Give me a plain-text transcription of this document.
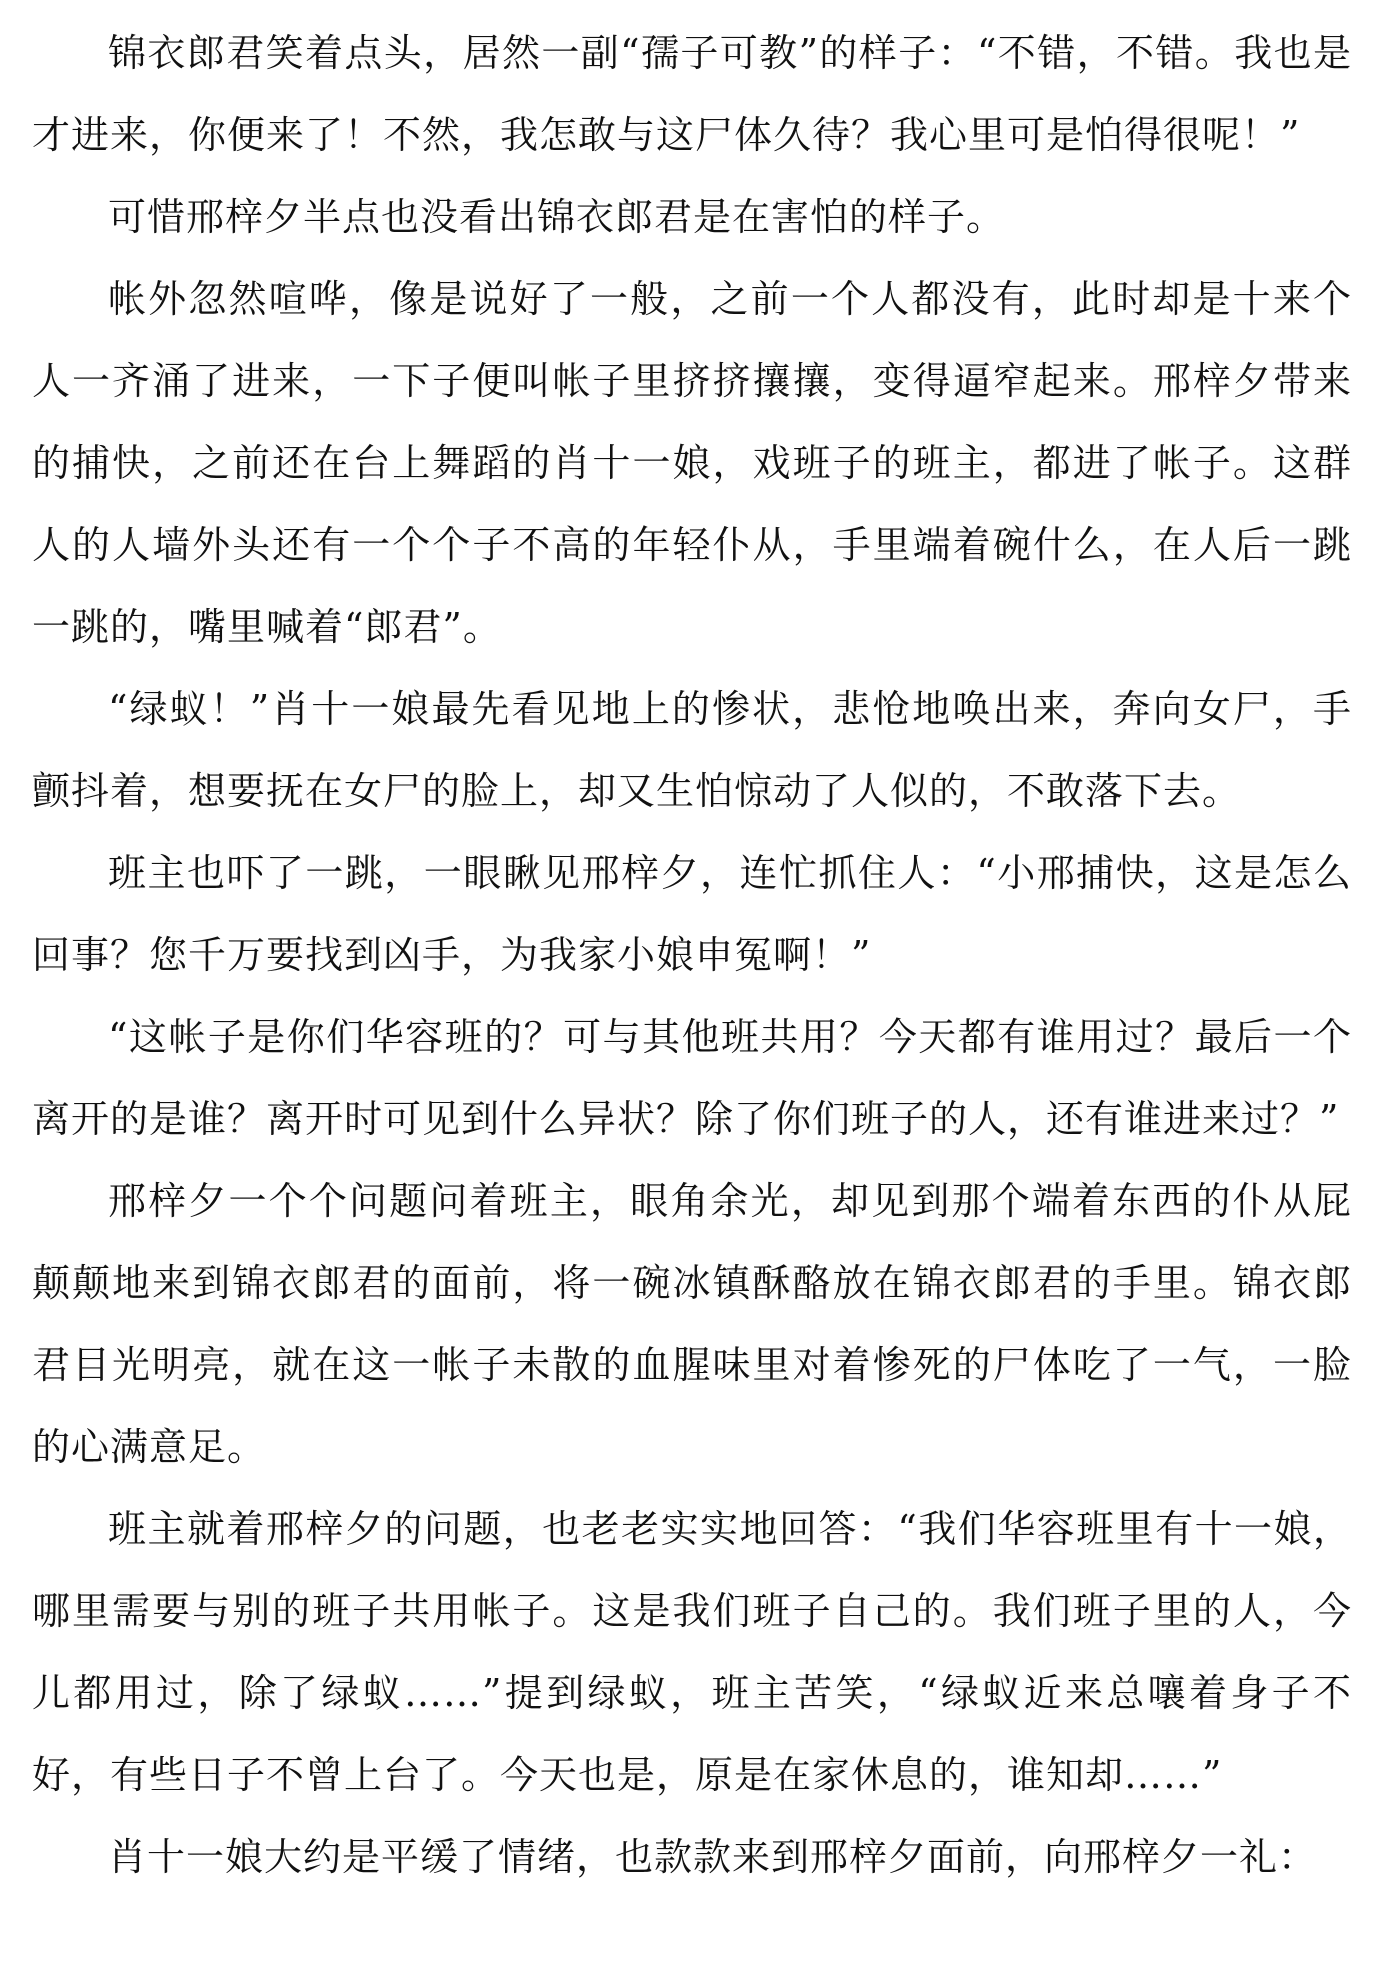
锦衣郎君笑着点头，居然一副“孺子可教”的样子：“不错，不错。我也是才进来，你便来了！不然，我怎敢与这尸体久待？我心里可是怕得很呢！”

可惜邢梓夕半点也没看出锦衣郎君是在害怕的样子。

帐外忽然喧哗，像是说好了一般，之前一个人都没有，此时却是十来个人一齐涌了进来，一下子便叫帐子里挤挤攘攘，变得逼窄起来。邢梓夕带来的捕快，之前还在台上舞蹈的肖十一娘，戏班子的班主，都进了帐子。这群人的人墙外头还有一个个子不高的年轻仆从，手里端着碗什么，在人后一跳一跳的，嘴里喊着“郎君”。

“绿蚁！”肖十一娘最先看见地上的惨状，悲怆地唤出来，奔向女尸，手颤抖着，想要抚在女尸的脸上，却又生怕惊动了人似的，不敢落下去。

班主也吓了一跳，一眼瞅见邢梓夕，连忙抓住人：“小邢捕快，这是怎么回事？您千万要找到凶手，为我家小娘申冤啊！”

“这帐子是你们华容班的？可与其他班共用？今天都有谁用过？最后一个离开的是谁？离开时可见到什么异状？除了你们班子的人，还有谁进来过？”

邢梓夕一个个问题问着班主，眼角余光，却见到那个端着东西的仆从屁颠颠地来到锦衣郎君的面前，将一碗冰镇酥酪放在锦衣郎君的手里。锦衣郎君目光明亮，就在这一帐子未散的血腥味里对着惨死的尸体吃了一气，一脸的心满意足。

班主就着邢梓夕的问题，也老老实实地回答：“我们华容班里有十一娘，哪里需要与别的班子共用帐子。这是我们班子自己的。我们班子里的人，今儿都用过，除了绿蚁……”提到绿蚁，班主苦笑，“绿蚁近来总嚷着身子不好，有些日子不曾上台了。今天也是，原是在家休息的，谁知却……”

肖十一娘大约是平缓了情绪，也款款来到邢梓夕面前，向邢梓夕一礼：
